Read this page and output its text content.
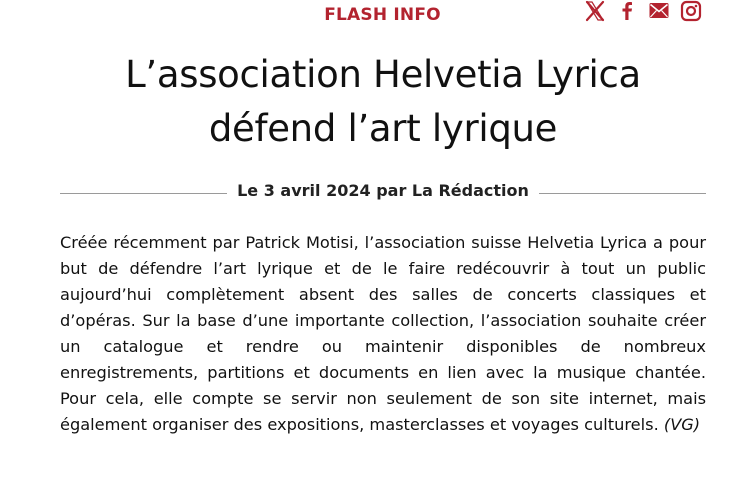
FLASH INFO
L’association Helvetia Lyrica
défend l’art lyrique
Le 3 avril 2024 par La Rédaction

Créée récemment par Patrick Motisi, l’association suisse Helvetia Lyrica a pour but de défendre l’art lyrique et de le faire redécouvrir à tout un public aujourd’hui complètement absent des salles de concerts classiques et d’opéras. Sur la base d’une importante collection, l’association souhaite créer un catalogue et rendre ou maintenir disponibles de nombreux enregistrements, partitions et documents en lien avec la musique chantée. Pour cela, elle compte se servir non seulement de son site internet, mais également organiser des expositions, masterclasses et voyages culturels. (VG)
